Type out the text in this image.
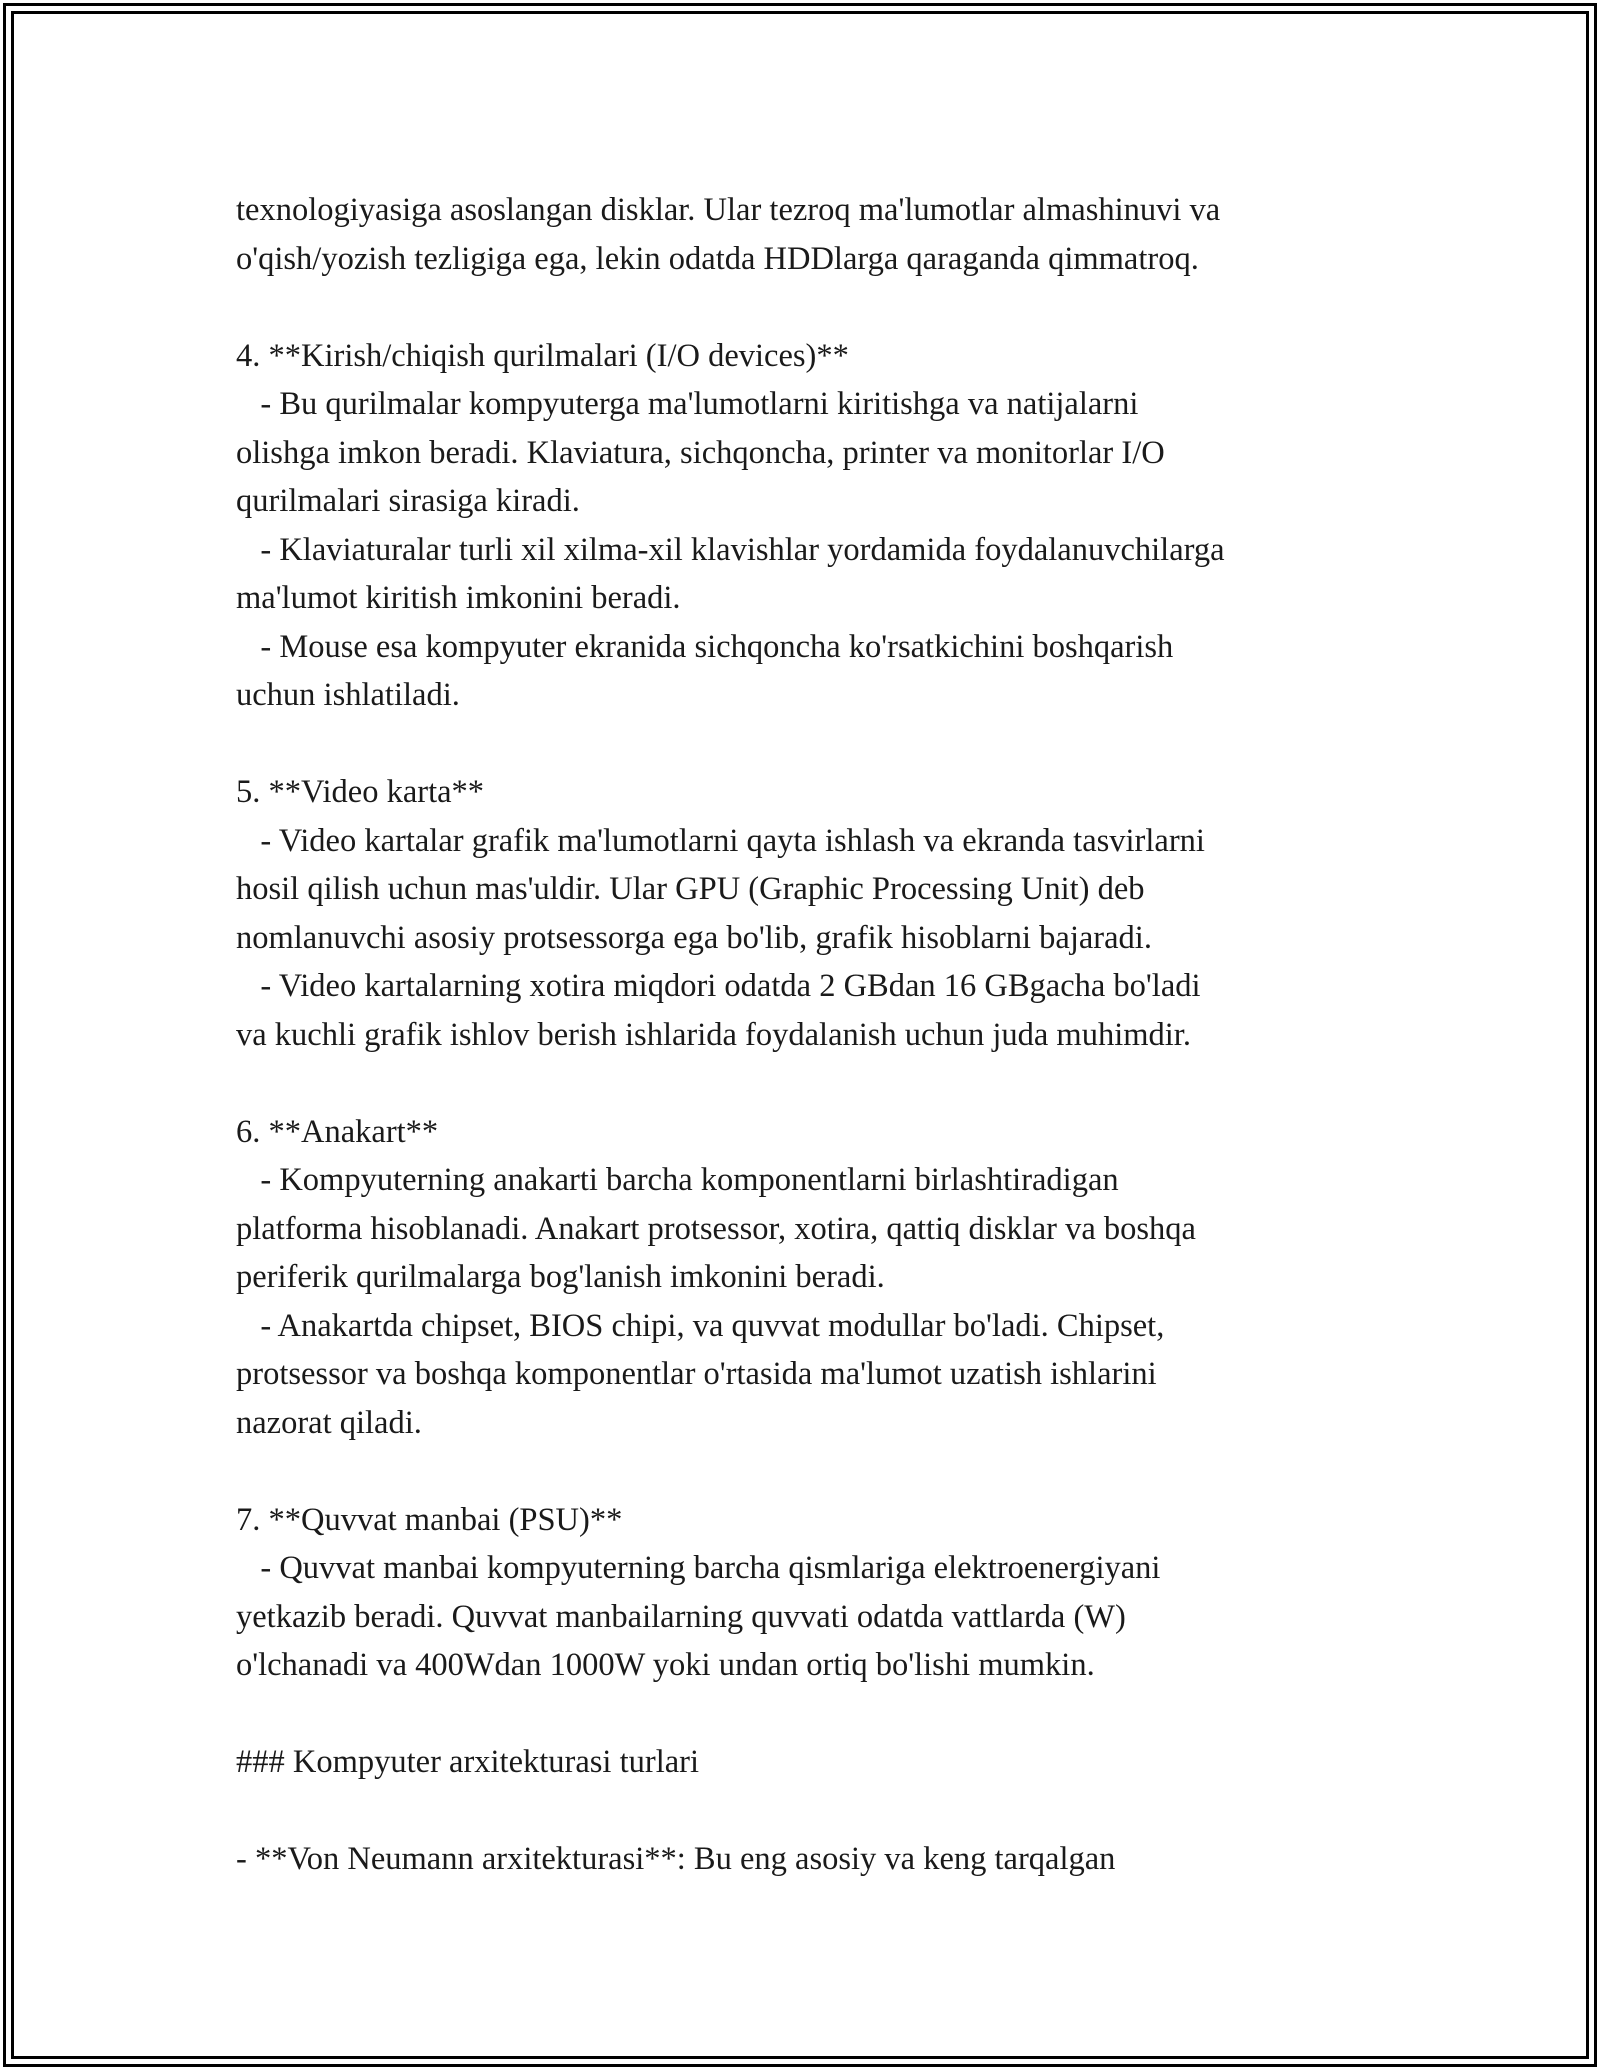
texnologiyasiga asoslangan disklar. Ular tezroq ma'lumotlar almashinuvi va
o'qish/yozish tezligiga ega, lekin odatda HDDlarga qaraganda qimmatroq.
4. **Kirish/chiqish qurilmalari (I/O devices)**
- Bu qurilmalar kompyuterga ma'lumotlarni kiritishga va natijalarni
olishga imkon beradi. Klaviatura, sichqoncha, printer va monitorlar I/O
qurilmalari sirasiga kiradi.
- Klaviaturalar turli xil xilma-xil klavishlar yordamida foydalanuvchilarga
ma'lumot kiritish imkonini beradi.
- Mouse esa kompyuter ekranida sichqoncha ko'rsatkichini boshqarish
uchun ishlatiladi.
5. **Video karta**
- Video kartalar grafik ma'lumotlarni qayta ishlash va ekranda tasvirlarni
hosil qilish uchun mas'uldir. Ular GPU (Graphic Processing Unit) deb
nomlanuvchi asosiy protsessorga ega bo'lib, grafik hisoblarni bajaradi.
- Video kartalarning xotira miqdori odatda 2 GBdan 16 GBgacha bo'ladi
va kuchli grafik ishlov berish ishlarida foydalanish uchun juda muhimdir.
6. **Anakart**
- Kompyuterning anakarti barcha komponentlarni birlashtiradigan
platforma hisoblanadi. Anakart protsessor, xotira, qattiq disklar va boshqa
periferik qurilmalarga bog'lanish imkonini beradi.
- Anakartda chipset, BIOS chipi, va quvvat modullar bo'ladi. Chipset,
protsessor va boshqa komponentlar o'rtasida ma'lumot uzatish ishlarini
nazorat qiladi.
7. **Quvvat manbai (PSU)**
- Quvvat manbai kompyuterning barcha qismlariga elektroenergiyani
yetkazib beradi. Quvvat manbailarning quvvati odatda vattlarda (W)
o'lchanadi va 400Wdan 1000W yoki undan ortiq bo'lishi mumkin.
### Kompyuter arxitekturasi turlari
- **Von Neumann arxitekturasi**: Bu eng asosiy va keng tarqalgan
